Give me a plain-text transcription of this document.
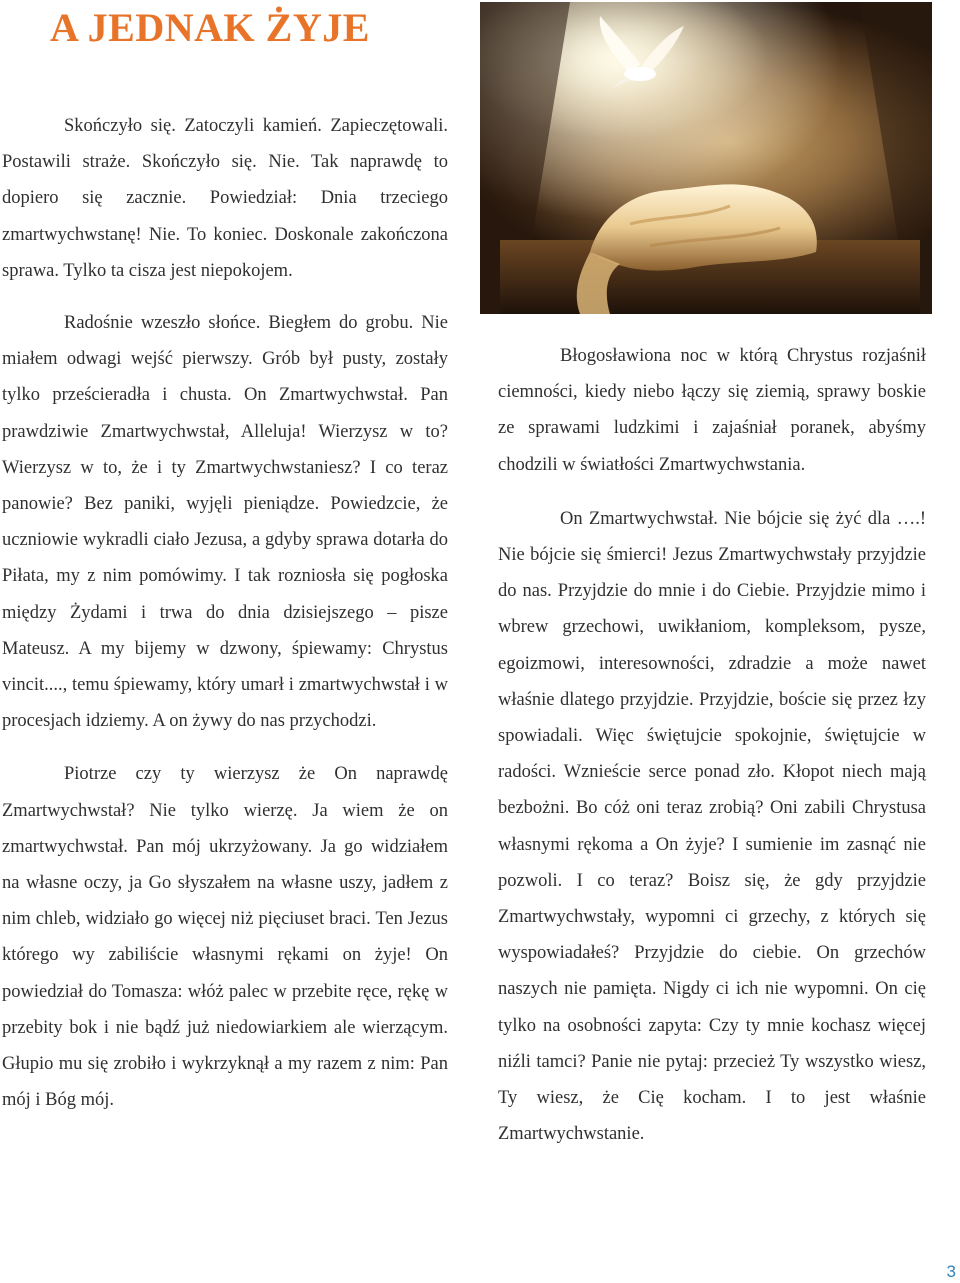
A JEDNAK ŻYJE

Skończyło się. Zatoczyli kamień. Zapieczętowali. Postawili straże. Skończyło się. Nie. Tak naprawdę to dopiero się zacznie. Powiedział: Dnia trzeciego zmartwychwstanę! Nie. To koniec. Doskonale zakończona sprawa. Tylko ta cisza jest niepokojem.

Radośnie wzeszło słońce. Biegłem do grobu. Nie miałem odwagi wejść pierwszy. Grób był pusty, zostały tylko prześcieradła i chusta. On Zmartwychwstał. Pan prawdziwie Zmartwychwstał, Alleluja! Wierzysz w to? Wierzysz w to, że i ty Zmartwychwstaniesz? I co teraz panowie? Bez paniki, wyjęli pieniądze. Powiedzcie, że uczniowie wykradli ciało Jezusa, a gdyby sprawa dotarła do Piłata, my z nim pomówimy. I tak rozniosła się pogłoska między Żydami i trwa do dnia dzisiejszego – pisze Mateusz. A my bijemy w dzwony, śpiewamy: Chrystus vincit...., temu śpiewamy, który umarł i zmartwychwstał i w procesjach idziemy. A on żywy do nas przychodzi.

Piotrze czy ty wierzysz że On naprawdę Zmartwychwstał? Nie tylko wierzę. Ja wiem że on zmartwychwstał. Pan mój ukrzyżowany. Ja go widziałem na własne oczy, ja Go słyszałem na własne uszy, jadłem z nim chleb, widziało go więcej niż pięciuset braci. Ten Jezus którego wy zabiliście własnymi rękami on żyje! On powiedział do Tomasza: włóż palec w przebite ręce, rękę w przebity bok i nie bądź już niedowiarkiem ale wierzącym. Głupio mu się zrobiło i wykrzyknął a my razem z nim: Pan mój i Bóg mój.

Błogosławiona noc w którą Chrystus rozjaśnił ciemności, kiedy niebo łączy się ziemią, sprawy boskie ze sprawami ludzkimi i zajaśniał poranek, abyśmy chodzili w światłości Zmartwychwstania.

On Zmartwychwstał. Nie bójcie się żyć dla ….! Nie bójcie się śmierci! Jezus Zmartwychwstały przyjdzie do nas. Przyjdzie do mnie i do Ciebie. Przyjdzie mimo i wbrew grzechowi, uwikłaniom, kompleksom, pysze, egoizmowi, interesowności, zdradzie a może nawet właśnie dlatego przyjdzie. Przyjdzie, boście się przez łzy spowiadali. Więc świętujcie spokojnie, świętujcie w radości. Wznieście serce ponad zło. Kłopot niech mają bezbożni. Bo cóż oni teraz zrobią? Oni zabili Chrystusa własnymi rękoma a On żyje? I sumienie im zasnąć nie pozwoli. I co teraz? Boisz się, że gdy przyjdzie Zmartwychwstały, wypomni ci grzechy, z których się wyspowiadałeś? Przyjdzie do ciebie. On grzechów naszych nie pamięta. Nigdy ci ich nie wypomni. On cię tylko na osobności zapyta: Czy ty mnie kochasz więcej niźli tamci? Panie nie pytaj: przecież Ty wszystko wiesz, Ty wiesz, że Cię kocham. I to jest właśnie Zmartwychwstanie.

3
